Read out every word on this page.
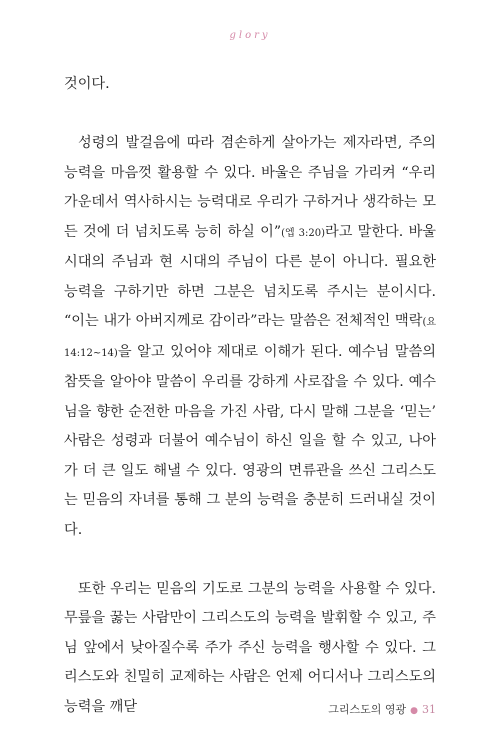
glory

것이다.

성령의 발걸음에 따라 겸손하게 살아가는 제자라면, 주의 능력을 마음껏 활용할 수 있다. 바울은 주님을 가리켜 “우리 가운데서 역사하시는 능력대로 우리가 구하거나 생각하는 모든 것에 더 넘치도록 능히 하실 이”(엡 3:20)라고 말한다. 바울 시대의 주님과 현 시대의 주님이 다른 분이 아니다. 필요한 능력을 구하기만 하면 그분은 넘치도록 주시는 분이시다. “이는 내가 아버지께로 감이라”라는 말씀은 전체적인 맥락(요 14:12~14)을 알고 있어야 제대로 이해가 된다. 예수님 말씀의 참뜻을 알아야 말씀이 우리를 강하게 사로잡을 수 있다. 예수님을 향한 순전한 마음을 가진 사람, 다시 말해 그분을 ‘믿는’ 사람은 성령과 더불어 예수님이 하신 일을 할 수 있고, 나아가 더 큰 일도 해낼 수 있다. 영광의 면류관을 쓰신 그리스도는 믿음의 자녀를 통해 그 분의 능력을 충분히 드러내실 것이다.

또한 우리는 믿음의 기도로 그분의 능력을 사용할 수 있다. 무릎을 꿇는 사람만이 그리스도의 능력을 발휘할 수 있고, 주님 앞에서 낮아질수록 주가 주신 능력을 행사할 수 있다. 그리스도와 친밀히 교제하는 사람은 언제 어디서나 그리스도의 능력을 깨닫	그리스도의 영광 ● 31
